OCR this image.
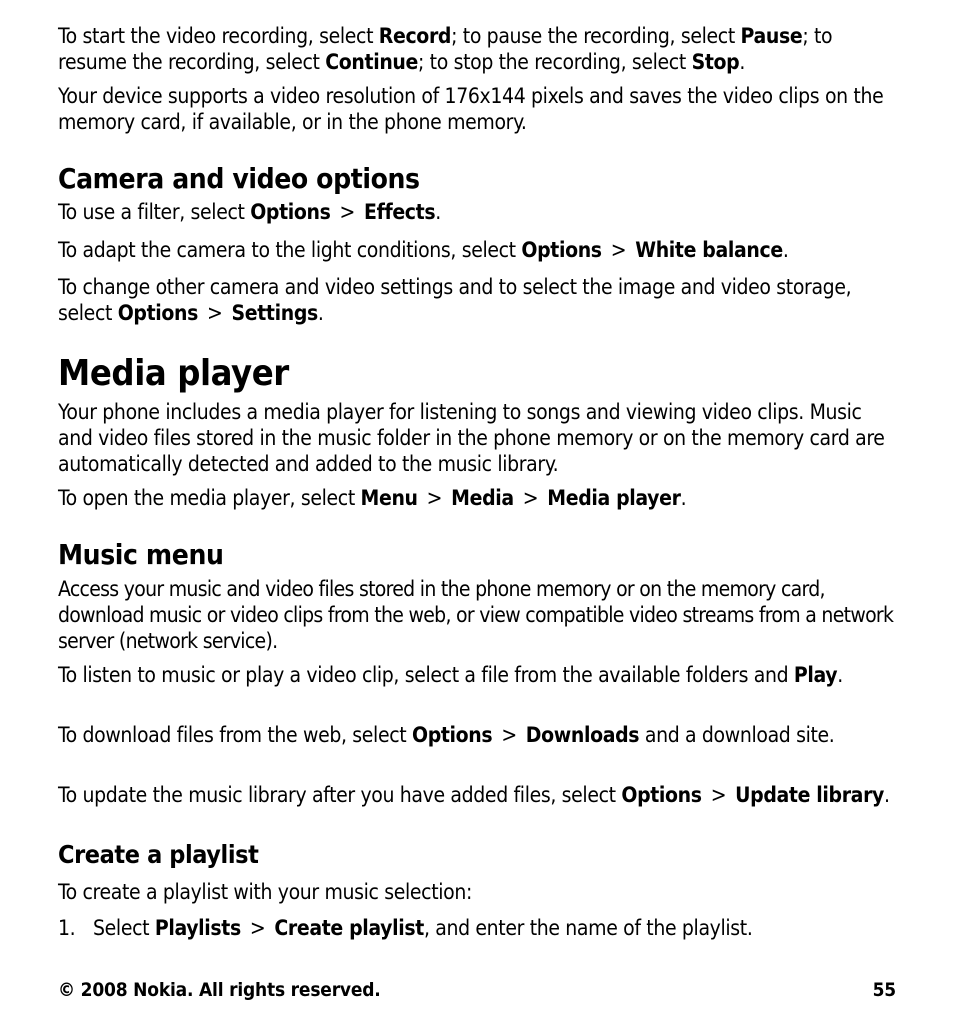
To start the video recording, select Record; to pause the recording, select Pause; to resume the recording, select Continue; to stop the recording, select Stop.

Your device supports a video resolution of 176x144 pixels and saves the video clips on the memory card, if available, or in the phone memory.

Camera and video options

To use a filter, select Options > Effects.

To adapt the camera to the light conditions, select Options > White balance.

To change other camera and video settings and to select the image and video storage, select Options > Settings.

Media player

Your phone includes a media player for listening to songs and viewing video clips. Music and video files stored in the music folder in the phone memory or on the memory card are automatically detected and added to the music library.

To open the media player, select Menu > Media > Media player.

Music menu

Access your music and video files stored in the phone memory or on the memory card, download music or video clips from the web, or view compatible video streams from a network server (network service).

To listen to music or play a video clip, select a file from the available folders and Play.

To download files from the web, select Options > Downloads and a download site.

To update the music library after you have added files, select Options > Update library.

Create a playlist

To create a playlist with your music selection:

1. Select Playlists > Create playlist, and enter the name of the playlist.

© 2008 Nokia. All rights reserved.	55
